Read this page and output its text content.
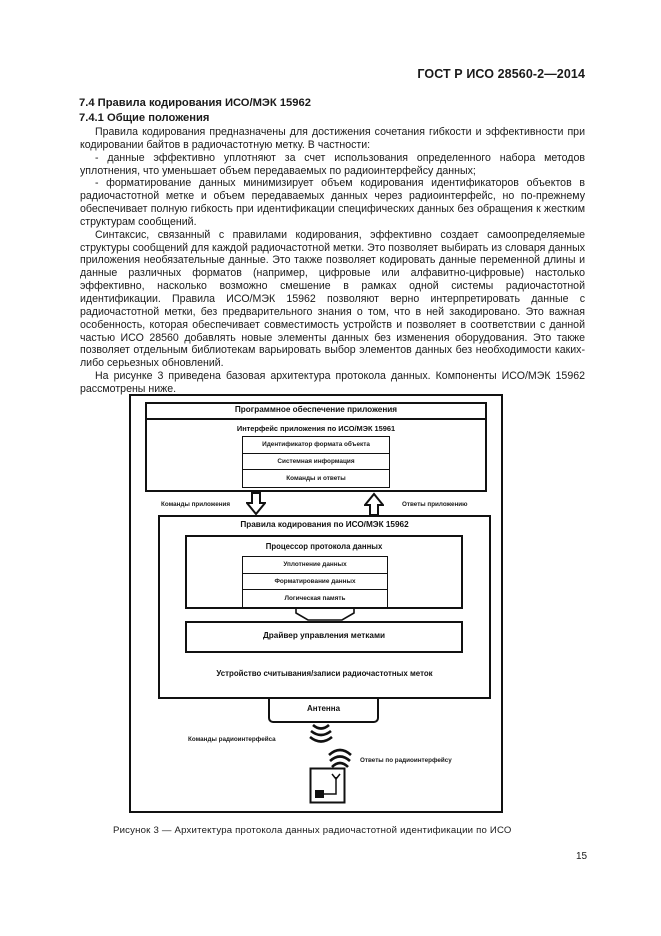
ГОСТ Р ИСО 28560-2—2014
7.4 Правила кодирования ИСО/МЭК 15962
7.4.1 Общие положения

Правила кодирования предназначены для достижения сочетания гибкости и эффективности при кодировании байтов в радиочастотную метку. В частности:

- данные эффективно уплотняют за счет использования определенного набора методов уплотнения, что уменьшает объем передаваемых по радиоинтерфейсу данных;

- форматирование данных минимизирует объем кодирования идентификаторов объектов в радиочастотной метке и объем передаваемых данных через радиоинтерфейс, но по-прежнему обеспечивает полную гибкость при идентификации специфических данных без обращения к жестким структурам сообщений.

Синтаксис, связанный с правилами кодирования, эффективно создает самоопределяемые структуры сообщений для каждой радиочастотной метки. Это позволяет выбирать из словаря данных приложения необязательные данные. Это также позволяет кодировать данные переменной длины и данные различных форматов (например, цифровые или алфавитно-цифровые) настолько эффективно, насколько возможно смешение в рамках одной системы радиочастотной идентификации. Правила ИСО/МЭК 15962 позволяют верно интерпретировать данные с радиочастотной метки, без предварительного знания о том, что в ней закодировано. Это важная особенность, которая обеспечивает совместимость устройств и позволяет в соответствии с данной частью ИСО 28560 добавлять новые элементы данных без изменения оборудования. Это также позволяет отдельным библиотекам варьировать выбор элементов данных без необходимости каких-либо серьезных обновлений.

На рисунке 3 приведена базовая архитектура протокола данных. Компоненты ИСО/МЭК 15962 рассмотрены ниже.

Программное обеспечение приложения
Интерфейс приложения по ИСО/МЭК 15961
Идентификатор формата объекта
Системная информация
Команды и ответы
Команды приложения	Ответы приложению
Правила кодирования по ИСО/МЭК 15962
Процессор протокола данных
Уплотнение данных
Форматирование данных
Логическая память
Драйвер управления метками
Устройство считывания/записи радиочастотных меток
Антенна
Команды радиоинтерфейса
Ответы по радиоинтерфейсу
Рисунок 3 — Архитектура протокола данных радиочастотной идентификации по ИСО
15
